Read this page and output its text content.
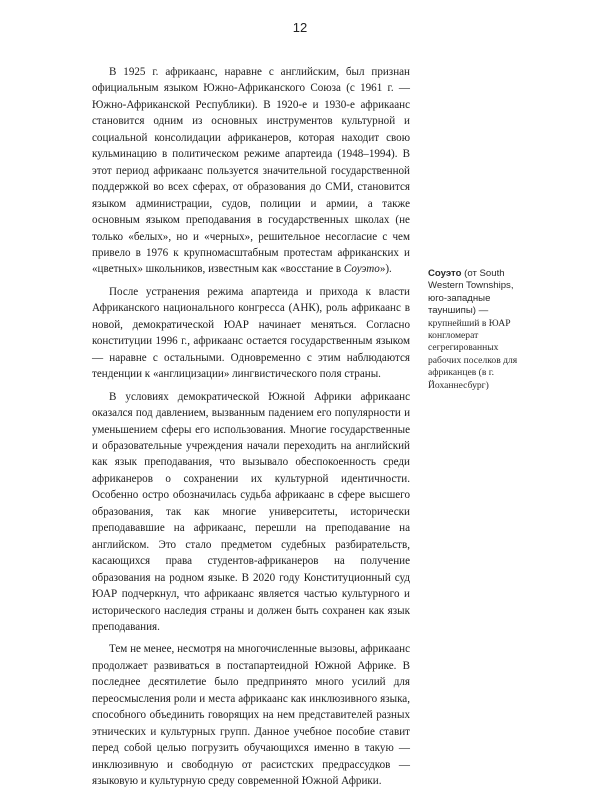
12

В 1925 г. африкаанс, наравне с английским, был признан официальным языком Южно-Африканского Союза (с 1961 г. — Южно-Африканской Республики). В 1920-е и 1930-е африкаанс становится одним из основных инструментов культурной и социальной консолидации африканеров, которая находит свою кульминацию в политическом режиме апартеида (1948–1994). В этот период африкаанс пользуется значительной государственной поддержкой во всех сферах, от образования до СМИ, становится языком администрации, судов, полиции и армии, а также основным языком преподавания в государственных школах (не только «белых», но и «черных», решительное несогласие с чем привело в 1976 к крупномасштабным протестам африканских и «цветных» школьников, известным как «восстание в Соуэто»).

После устранения режима апартеида и прихода к власти Африканского национального конгресса (АНК), роль африкаанс в новой, демократической ЮАР начинает меняться. Согласно конституции 1996 г., африкаанс остается государственным языком — наравне с остальными. Одновременно с этим наблюдаются тенденции к «англицизации» лингвистического поля страны.

В условиях демократической Южной Африки африкаанс оказался под давлением, вызванным падением его популярности и уменьшением сферы его использования. Многие государственные и образовательные учреждения начали переходить на английский как язык преподавания, что вызывало обеспокоенность среди африканеров о сохранении их культурной идентичности. Особенно остро обозначилась судьба африкаанс в сфере высшего образования, так как многие университеты, исторически преподававшие на африкаанс, перешли на преподавание на английском. Это стало предметом судебных разбирательств, касающихся права студентов-африканеров на получение образования на родном языке. В 2020 году Конституционный суд ЮАР подчеркнул, что африкаанс является частью культурного и исторического наследия страны и должен быть сохранен как язык преподавания.

Тем не менее, несмотря на многочисленные вызовы, африкаанс продолжает развиваться в постапартеидной Южной Африке. В последнее десятилетие было предпринято много усилий для переосмысления роли и места африкаанс как инклюзивного языка, способного объединить говорящих на нем представителей разных этнических и культурных групп. Данное учебное пособие ставит перед собой целью погрузить обучающихся именно в такую — инклюзивную и свободную от расистских предрассудков — языковую и культурную среду современной Южной Африки.

Соуэто (от South Western Townships, юго-западные тауншипы) — крупнейший в ЮАР конгломерат сегрегированных рабочих поселков для африканцев (в г. Йоханнесбург)
